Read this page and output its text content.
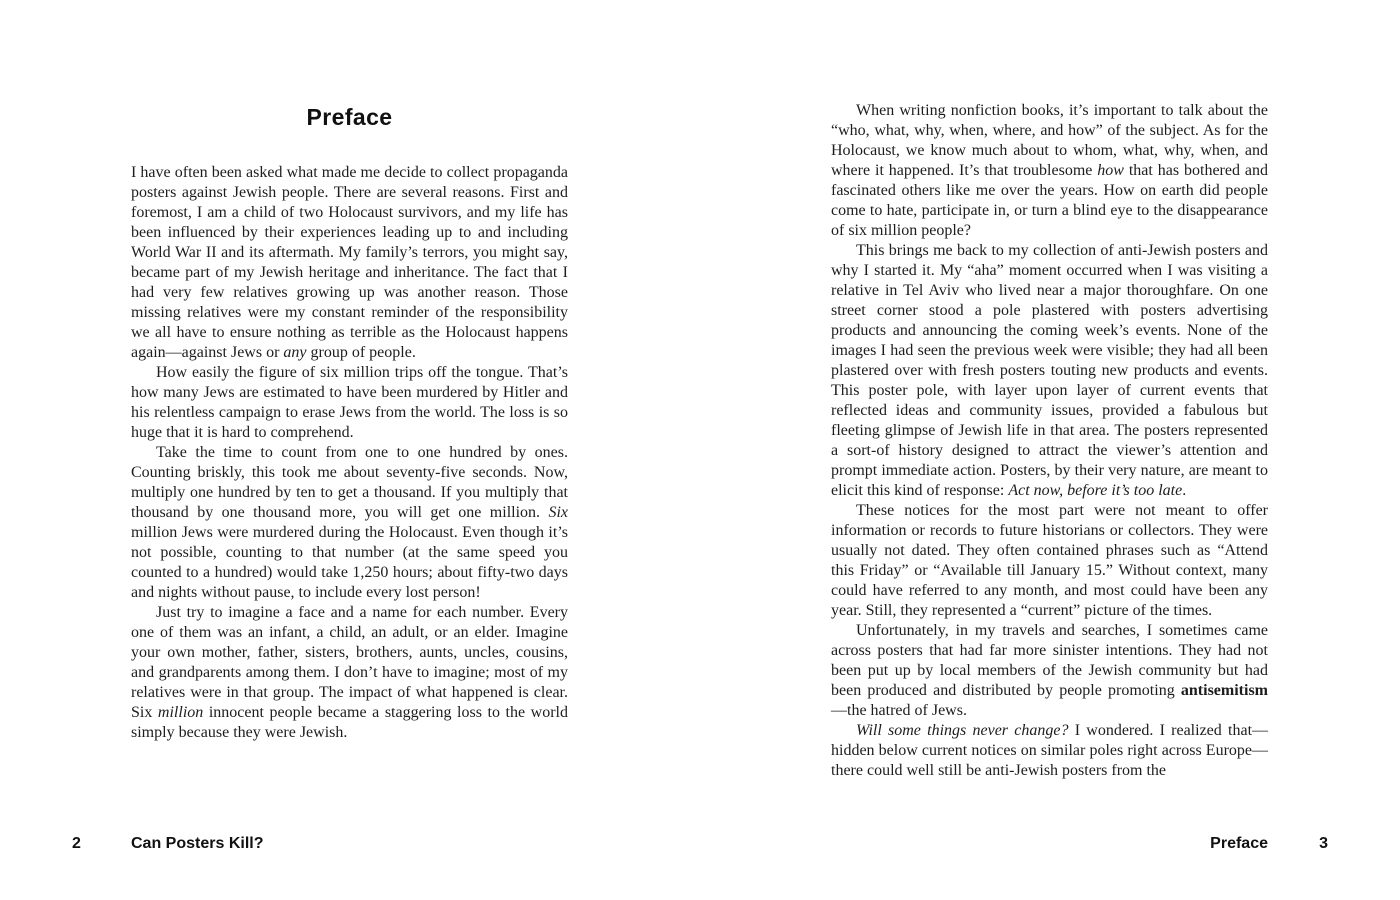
Preface

I have often been asked what made me decide to collect propaganda posters against Jewish people. There are several reasons. First and foremost, I am a child of two Holocaust survivors, and my life has been influenced by their experiences leading up to and including World War II and its aftermath. My family’s terrors, you might say, became part of my Jewish heritage and inheritance. The fact that I had very few relatives growing up was another reason. Those missing relatives were my constant reminder of the responsibility we all have to ensure nothing as terrible as the Holocaust happens again—against Jews or any group of people.

How easily the figure of six million trips off the tongue. That’s how many Jews are estimated to have been murdered by Hitler and his relentless campaign to erase Jews from the world. The loss is so huge that it is hard to comprehend.

Take the time to count from one to one hundred by ones. Counting briskly, this took me about seventy-five seconds. Now, multiply one hundred by ten to get a thousand. If you multiply that thousand by one thousand more, you will get one million. Six million Jews were murdered during the Holocaust. Even though it’s not possible, counting to that number (at the same speed you counted to a hundred) would take 1,250 hours; about fifty-two days and nights without pause, to include every lost person!

Just try to imagine a face and a name for each number. Every one of them was an infant, a child, an adult, or an elder. Imagine your own mother, father, sisters, brothers, aunts, uncles, cousins, and grandparents among them. I don’t have to imagine; most of my relatives were in that group. The impact of what happened is clear. Six million innocent people became a staggering loss to the world simply because they were Jewish.

When writing nonfiction books, it’s important to talk about the “who, what, why, when, where, and how” of the subject. As for the Holocaust, we know much about to whom, what, why, when, and where it happened. It’s that troublesome how that has bothered and fascinated others like me over the years. How on earth did people come to hate, participate in, or turn a blind eye to the disappearance of six million people?

This brings me back to my collection of anti-Jewish posters and why I started it. My “aha” moment occurred when I was visiting a relative in Tel Aviv who lived near a major thoroughfare. On one street corner stood a pole plastered with posters advertising products and announcing the coming week’s events. None of the images I had seen the previous week were visible; they had all been plastered over with fresh posters touting new products and events. This poster pole, with layer upon layer of current events that reflected ideas and community issues, provided a fabulous but fleeting glimpse of Jewish life in that area. The posters represented a sort-of history designed to attract the viewer’s attention and prompt immediate action. Posters, by their very nature, are meant to elicit this kind of response: Act now, before it’s too late.

These notices for the most part were not meant to offer information or records to future historians or collectors. They were usually not dated. They often contained phrases such as “Attend this Friday” or “Available till January 15.” Without context, many could have referred to any month, and most could have been any year. Still, they represented a “current” picture of the times.

Unfortunately, in my travels and searches, I sometimes came across posters that had far more sinister intentions. They had not been put up by local members of the Jewish community but had been produced and distributed by people promoting antisemitism—the hatred of Jews.

Will some things never change? I wondered. I realized that—hidden below current notices on similar poles right across Europe—there could well still be anti-Jewish posters from the

2	Can Posters Kill?	Preface	3
